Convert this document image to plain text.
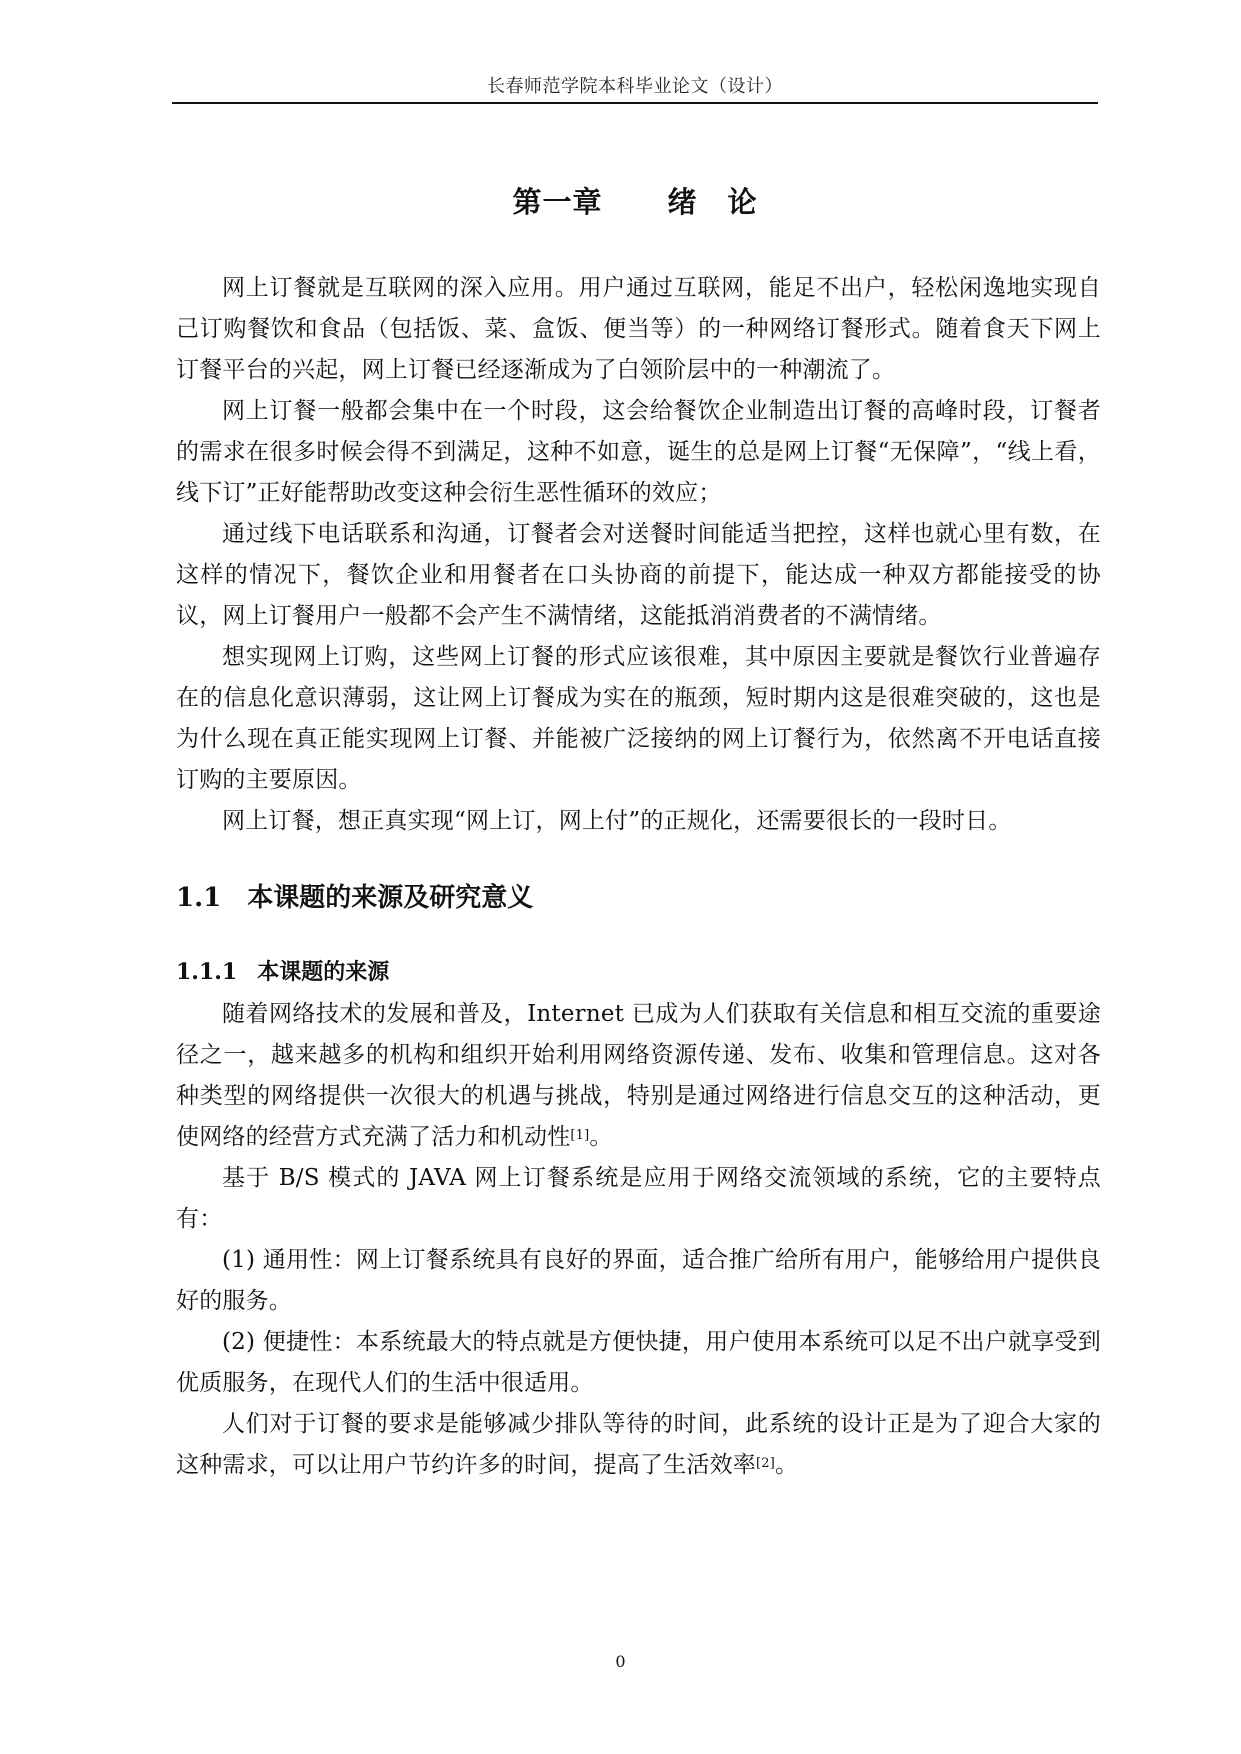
长春师范学院本科毕业论文（设计）
第一章　 绪　论

网上订餐就是互联网的深入应用。用户通过互联网，能足不出户，轻松闲逸地实现自己订购餐饮和食品（包括饭、菜、盒饭、便当等）的一种网络订餐形式。随着食天下网上订餐平台的兴起，网上订餐已经逐渐成为了白领阶层中的一种潮流了。

网上订餐一般都会集中在一个时段，这会给餐饮企业制造出订餐的高峰时段，订餐者的需求在很多时候会得不到满足，这种不如意，诞生的总是网上订餐“无保障”，“线上看，线下订”正好能帮助改变这种会衍生恶性循环的效应；

通过线下电话联系和沟通，订餐者会对送餐时间能适当把控，这样也就心里有数，在这样的情况下，餐饮企业和用餐者在口头协商的前提下，能达成一种双方都能接受的协议，网上订餐用户一般都不会产生不满情绪，这能抵消消费者的不满情绪。

想实现网上订购，这些网上订餐的形式应该很难，其中原因主要就是餐饮行业普遍存在的信息化意识薄弱，这让网上订餐成为实在的瓶颈，短时期内这是很难突破的，这也是为什么现在真正能实现网上订餐、并能被广泛接纳的网上订餐行为，依然离不开电话直接订购的主要原因。

网上订餐，想正真实现“网上订，网上付”的正规化，还需要很长的一段时日。

1.1 本课题的来源及研究意义
1.1.1 本课题的来源

随着网络技术的发展和普及，Internet 已成为人们获取有关信息和相互交流的重要途径之一，越来越多的机构和组织开始利用网络资源传递、发布、收集和管理信息。这对各种类型的网络提供一次很大的机遇与挑战，特别是通过网络进行信息交互的这种活动，更使网络的经营方式充满了活力和机动性[1]。

基于 B/S 模式的 JAVA 网上订餐系统是应用于网络交流领域的系统，它的主要特点有：

(1) 通用性：网上订餐系统具有良好的界面，适合推广给所有用户，能够给用户提供良好的服务。

(2) 便捷性：本系统最大的特点就是方便快捷，用户使用本系统可以足不出户就享受到优质服务，在现代人们的生活中很适用。

人们对于订餐的要求是能够减少排队等待的时间，此系统的设计正是为了迎合大家的这种需求，可以让用户节约许多的时间，提高了生活效率[2]。

0
